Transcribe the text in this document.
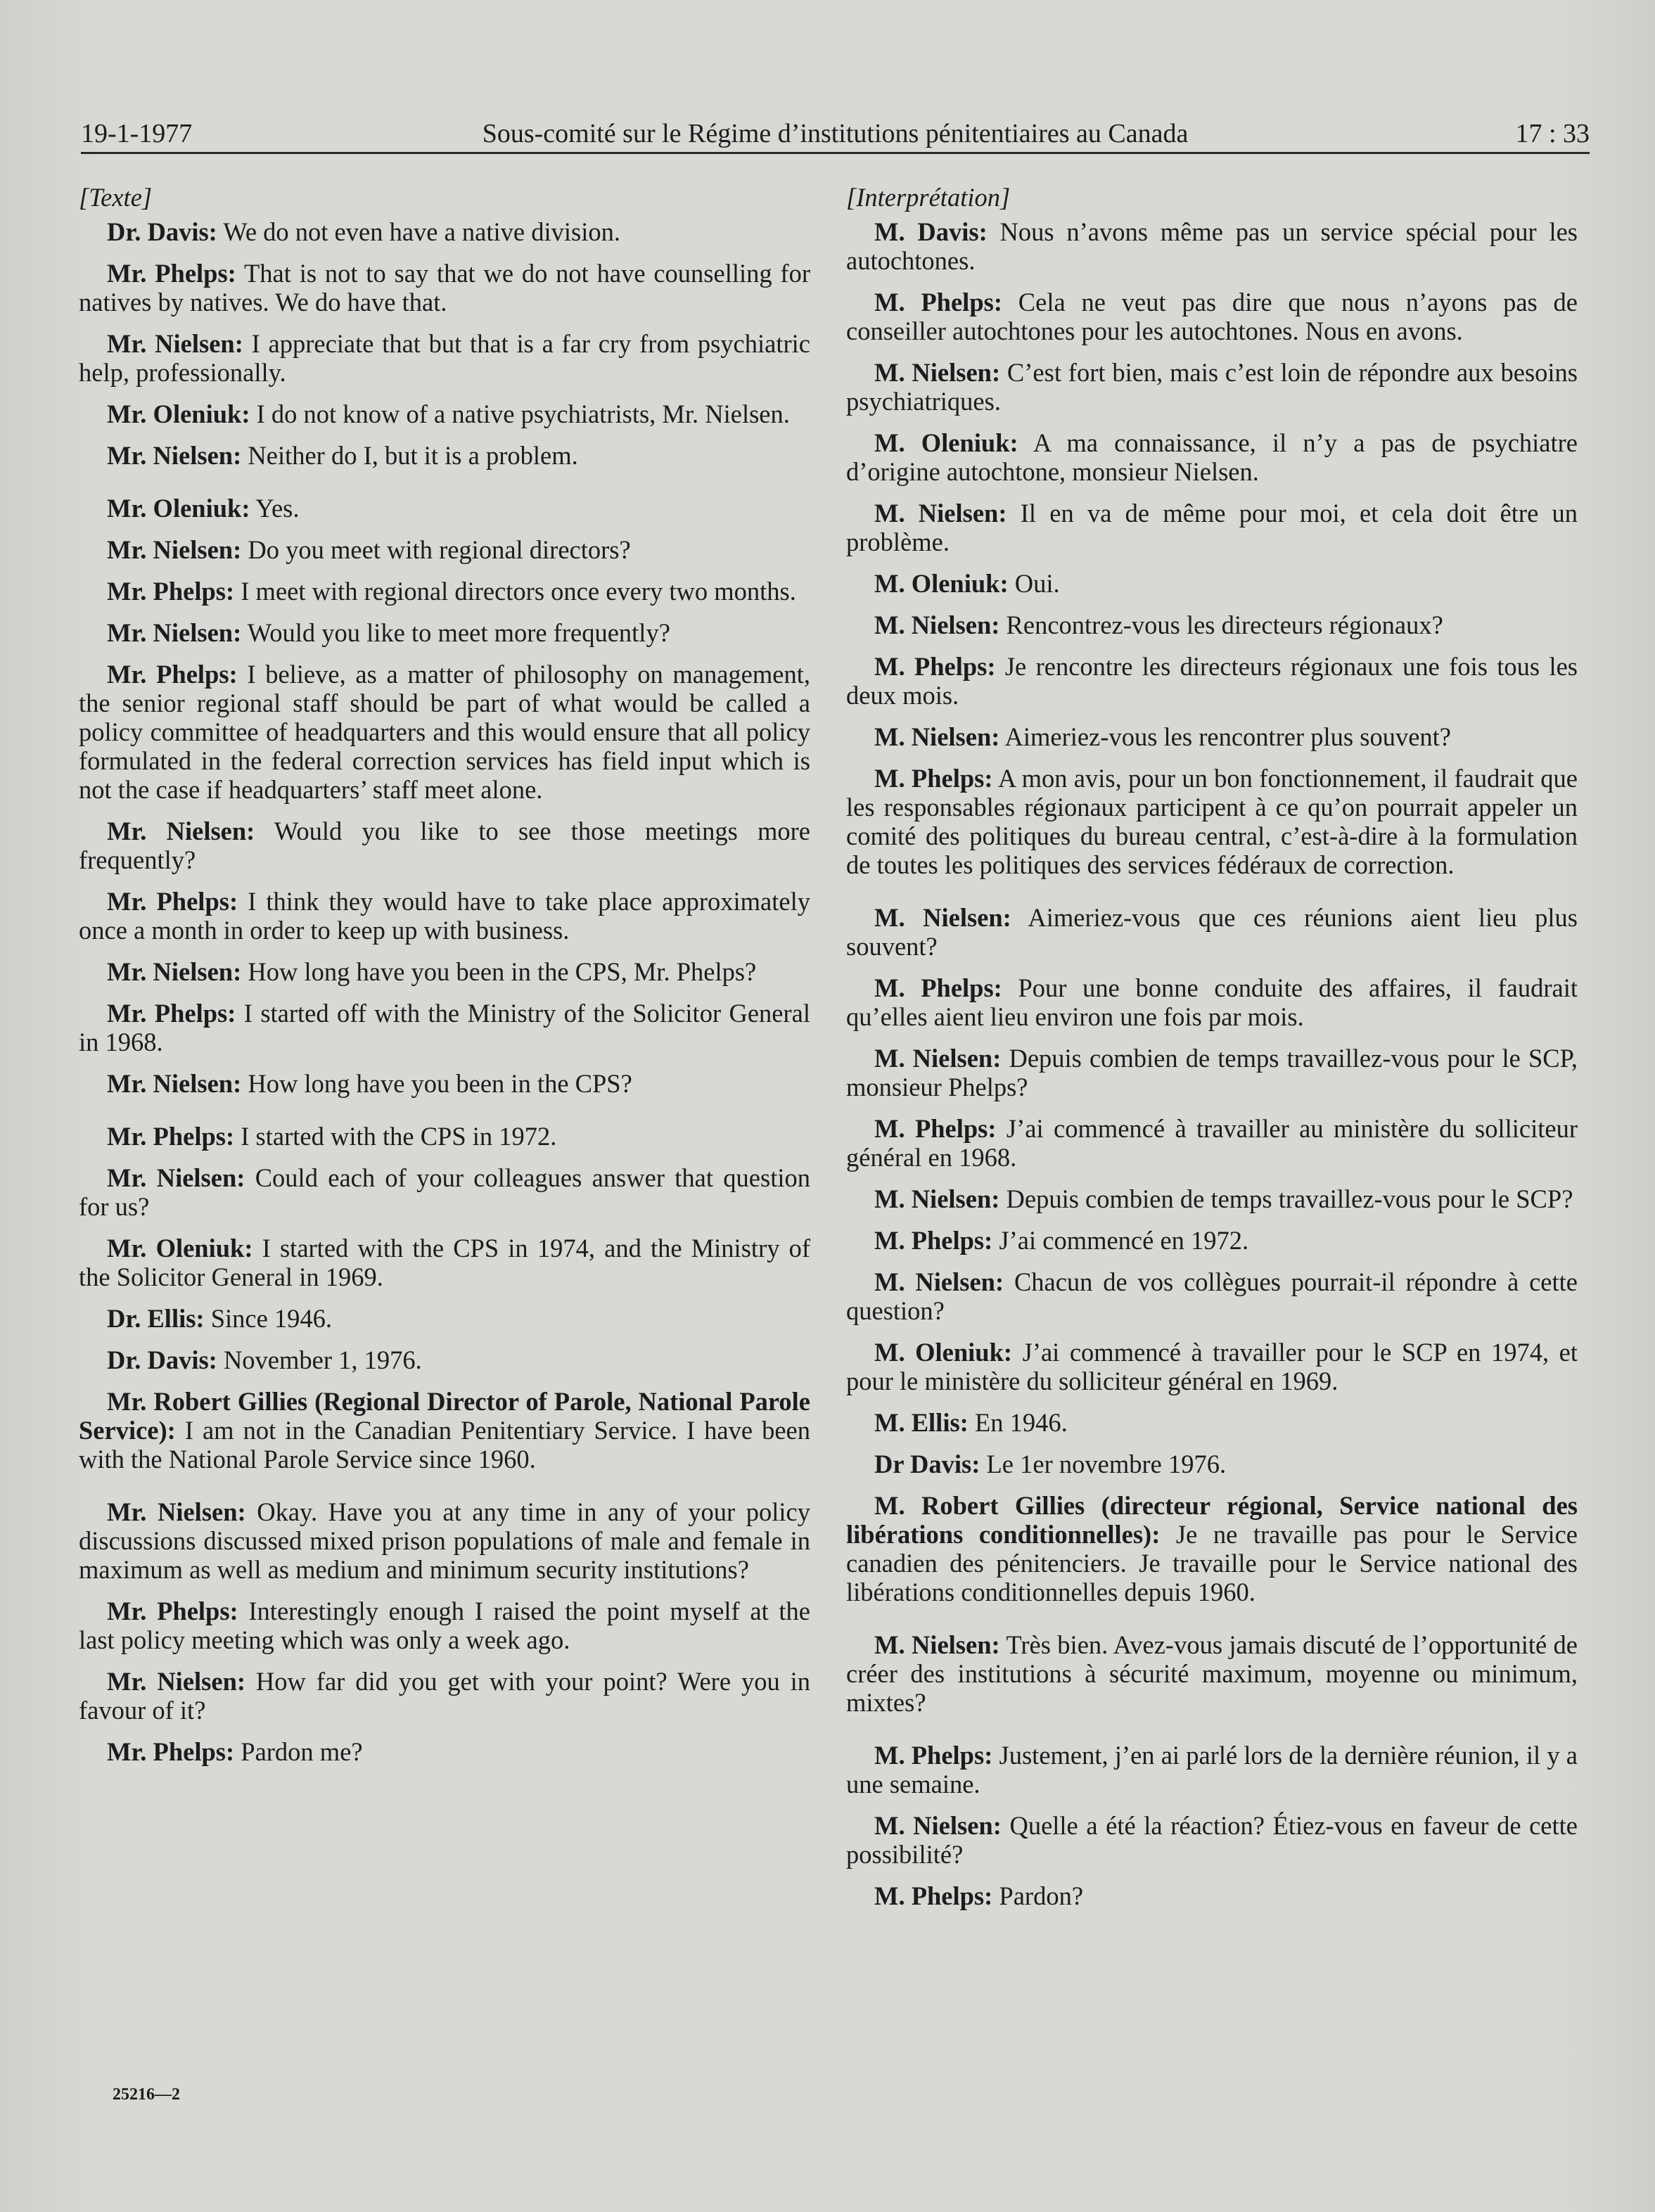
19-1-1977	Sous-comité sur le Régime d’institutions pénitentiaires au Canada	17 : 33
[Texte]

Dr. Davis: We do not even have a native division.

Mr. Phelps: That is not to say that we do not have counselling for natives by natives. We do have that.

Mr. Nielsen: I appreciate that but that is a far cry from psychiatric help, professionally.

Mr. Oleniuk: I do not know of a native psychiatrists, Mr. Nielsen.

Mr. Nielsen: Neither do I, but it is a problem.

Mr. Oleniuk: Yes.

Mr. Nielsen: Do you meet with regional directors?

Mr. Phelps: I meet with regional directors once every two months.

Mr. Nielsen: Would you like to meet more frequently?

Mr. Phelps: I believe, as a matter of philosophy on management, the senior regional staff should be part of what would be called a policy committee of headquarters and this would ensure that all policy formulated in the federal correction services has field input which is not the case if headquarters’ staff meet alone.

Mr. Nielsen: Would you like to see those meetings more frequently?

Mr. Phelps: I think they would have to take place approximately once a month in order to keep up with business.

Mr. Nielsen: How long have you been in the CPS, Mr. Phelps?

Mr. Phelps: I started off with the Ministry of the Solicitor General in 1968.

Mr. Nielsen: How long have you been in the CPS?

Mr. Phelps: I started with the CPS in 1972.

Mr. Nielsen: Could each of your colleagues answer that question for us?

Mr. Oleniuk: I started with the CPS in 1974, and the Ministry of the Solicitor General in 1969.

Dr. Ellis: Since 1946.

Dr. Davis: November 1, 1976.

Mr. Robert Gillies (Regional Director of Parole, National Parole Service): I am not in the Canadian Penitentiary Service. I have been with the National Parole Service since 1960.

Mr. Nielsen: Okay. Have you at any time in any of your policy discussions discussed mixed prison populations of male and female in maximum as well as medium and minimum security institutions?

Mr. Phelps: Interestingly enough I raised the point myself at the last policy meeting which was only a week ago.

Mr. Nielsen: How far did you get with your point? Were you in favour of it?

Mr. Phelps: Pardon me?

[Interprétation]

M. Davis: Nous n’avons même pas un service spécial pour les autochtones.

M. Phelps: Cela ne veut pas dire que nous n’ayons pas de conseiller autochtones pour les autochtones. Nous en avons.

M. Nielsen: C’est fort bien, mais c’est loin de répondre aux besoins psychiatriques.

M. Oleniuk: A ma connaissance, il n’y a pas de psychiatre d’origine autochtone, monsieur Nielsen.

M. Nielsen: Il en va de même pour moi, et cela doit être un problème.

M. Oleniuk: Oui.

M. Nielsen: Rencontrez-vous les directeurs régionaux?

M. Phelps: Je rencontre les directeurs régionaux une fois tous les deux mois.

M. Nielsen: Aimeriez-vous les rencontrer plus souvent?

M. Phelps: A mon avis, pour un bon fonctionnement, il faudrait que les responsables régionaux participent à ce qu’on pourrait appeler un comité des politiques du bureau central, c’est-à-dire à la formulation de toutes les politiques des services fédéraux de correction.

M. Nielsen: Aimeriez-vous que ces réunions aient lieu plus souvent?

M. Phelps: Pour une bonne conduite des affaires, il faudrait qu’elles aient lieu environ une fois par mois.

M. Nielsen: Depuis combien de temps travaillez-vous pour le SCP, monsieur Phelps?

M. Phelps: J’ai commencé à travailler au ministère du solliciteur général en 1968.

M. Nielsen: Depuis combien de temps travaillez-vous pour le SCP?

M. Phelps: J’ai commencé en 1972.

M. Nielsen: Chacun de vos collègues pourrait-il répondre à cette question?

M. Oleniuk: J’ai commencé à travailler pour le SCP en 1974, et pour le ministère du solliciteur général en 1969.

M. Ellis: En 1946.

Dr Davis: Le 1er novembre 1976.

M. Robert Gillies (directeur régional, Service national des libérations conditionnelles): Je ne travaille pas pour le Service canadien des pénitenciers. Je travaille pour le Service national des libérations conditionnelles depuis 1960.

M. Nielsen: Très bien. Avez-vous jamais discuté de l’opportunité de créer des institutions à sécurité maximum, moyenne ou minimum, mixtes?

M. Phelps: Justement, j’en ai parlé lors de la dernière réunion, il y a une semaine.

M. Nielsen: Quelle a été la réaction? Étiez-vous en faveur de cette possibilité?

M. Phelps: Pardon?

25216—2
